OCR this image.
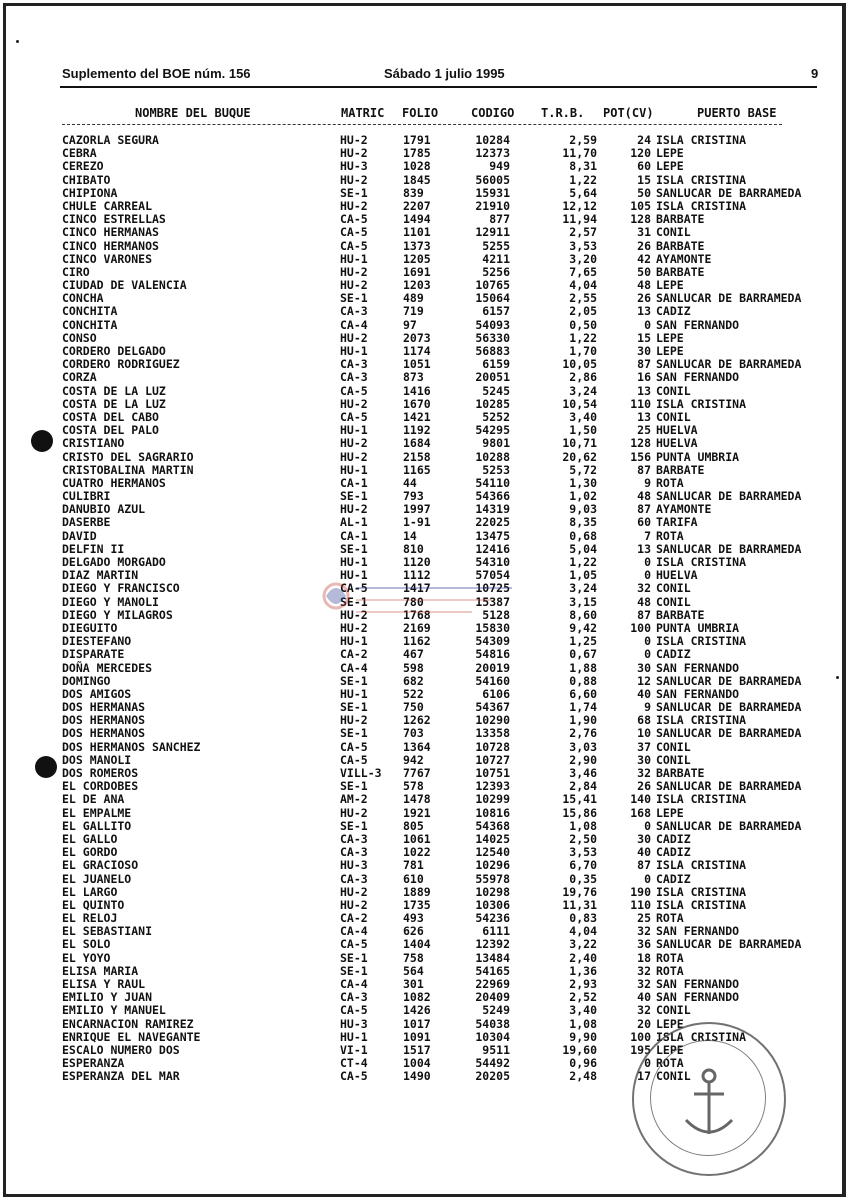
Suplemento del BOE núm. 156	Sábado 1 julio 1995	9
NOMBRE DEL BUQUE	MATRIC FOLIO	CODIGO T.R.B. POT(CV)	PUERTO BASE
CAZORLA SEGURA	HU-2	1791	10284	2,59	24 ISLA CRISTINA
CEBRA	HU-2	1785	12373	11,70	120 LEPE
CEREZO	HU-3	1028	949	8,31	60 LEPE
CHIBATO	HU-2	1845	56005	1,22	15 ISLA CRISTINA
CHIPIONA	SE-1	839	15931	5,64	50 SANLUCAR DE BARRAMEDA
CHULE CARREAL	HU-2	2207	21910	12,12	105 ISLA CRISTINA
CINCO ESTRELLAS	CA-5	1494	877	11,94	128 BARBATE
CINCO HERMANAS	CA-5	1101	12911	2,57	31 CONIL
CINCO HERMANOS	CA-5	1373	5255	3,53	26 BARBATE
CINCO VARONES	HU-1	1205	4211	3,20	42 AYAMONTE
CIRO	HU-2	1691	5256	7,65	50 BARBATE
CIUDAD DE VALENCIA	HU-2	1203	10765	4,04	48 LEPE
CONCHA	SE-1	489	15064	2,55	26 SANLUCAR DE BARRAMEDA
CONCHITA	CA-3	719	6157	2,05	13 CADIZ
CONCHITA	CA-4	97	54093	0,50	0 SAN FERNANDO
CONSO	HU-2	2073	56330	1,22	15 LEPE
CORDERO DELGADO	HU-1	1174	56883	1,70	30 LEPE
CORDERO RODRIGUEZ	CA-3	1051	6159	10,05	87 SANLUCAR DE BARRAMEDA
CORZA	CA-3	873	20051	2,86	16 SAN FERNANDO
COSTA DE LA LUZ	CA-5	1416	5245	3,24	13 CONIL
COSTA DE LA LUZ	HU-2	1670	10285	10,54	110 ISLA CRISTINA
COSTA DEL CABO	CA-5	1421	5252	3,40	13 CONIL
COSTA DEL PALO	HU-1	1192	54295	1,50	25 HUELVA
CRISTIANO	HU-2	1684	9801	10,71	128 HUELVA
CRISTO DEL SAGRARIO	HU-2	2158	10288	20,62	156 PUNTA UMBRIA
CRISTOBALINA MARTIN	HU-1	1165	5253	5,72	87 BARBATE
CUATRO HERMANOS	CA-1	44	54110	1,30	9 ROTA
CULIBRI	SE-1	793	54366	1,02	48 SANLUCAR DE BARRAMEDA
DANUBIO AZUL	HU-2	1997	14319	9,03	87 AYAMONTE
DASERBE	AL-1	1-91	22025	8,35	60 TARIFA
DAVID	CA-1	14	13475	0,68	7 ROTA
DELFIN II	SE-1	810	12416	5,04	13 SANLUCAR DE BARRAMEDA
DELGADO MORGADO	HU-1	1120	54310	1,22	0 ISLA CRISTINA
DIAZ MARTIN	HU-1	1112	57054	1,05	0 HUELVA
DIEGO Y FRANCISCO	CA-5	1417	10725	3,24	32 CONIL
DIEGO Y MANOLI	SE-1	780	15387	3,15	48 CONIL
DIEGO Y MILAGROS	HU-2	1768	5128	8,60	87 BARBATE
DIEGUITO	HU-2	2169	15830	9,42	100 PUNTA UMBRIA
DIESTEFANO	HU-1	1162	54309	1,25	0 ISLA CRISTINA
DISPARATE	CA-2	467	54816	0,67	0 CADIZ
DOÑA MERCEDES	CA-4	598	20019	1,88	30 SAN FERNANDO
DOMINGO	SE-1	682	54160	0,88	12 SANLUCAR DE BARRAMEDA
DOS AMIGOS	HU-1	522	6106	6,60	40 SAN FERNANDO
DOS HERMANAS	SE-1	750	54367	1,74	9 SANLUCAR DE BARRAMEDA
DOS HERMANOS	HU-2	1262	10290	1,90	68 ISLA CRISTINA
DOS HERMANOS	SE-1	703	13358	2,76	10 SANLUCAR DE BARRAMEDA
DOS HERMANOS SANCHEZ	CA-5	1364	10728	3,03	37 CONIL
DOS MANOLI	CA-5	942	10727	2,90	30 CONIL
DOS ROMEROS	VILL-3 7767	10751	3,46	32 BARBATE
EL CORDOBES	SE-1	578	12393	2,84	26 SANLUCAR DE BARRAMEDA
EL DE ANA	AM-2	1478	10299	15,41	140 ISLA CRISTINA
EL EMPALME	HU-2	1921	10816	15,86	168 LEPE
EL GALLITO	SE-1	805	54368	1,08	0 SANLUCAR DE BARRAMEDA
EL GALLO	CA-3	1061	14025	2,50	30 CADIZ
EL GORDO	CA-3	1022	12540	3,53	40 CADIZ
EL GRACIOSO	HU-3	781	10296	6,70	87 ISLA CRISTINA
EL JUANELO	CA-3	610	55978	0,35	0 CADIZ
EL LARGO	HU-2	1889	10298	19,76	190 ISLA CRISTINA
EL QUINTO	HU-2	1735	10306	11,31	110 ISLA CRISTINA
EL RELOJ	CA-2	493	54236	0,83	25 ROTA
EL SEBASTIANI	CA-4	626	6111	4,04	32 SAN FERNANDO
EL SOLO	CA-5	1404	12392	3,22	36 SANLUCAR DE BARRAMEDA
EL YOYO	SE-1	758	13484	2,40	18 ROTA
ELISA MARIA	SE-1	564	54165	1,36	32 ROTA
ELISA Y RAUL	CA-4	301	22969	2,93	32 SAN FERNANDO
EMILIO Y JUAN	CA-3	1082	20409	2,52	40 SAN FERNANDO
EMILIO Y MANUEL	CA-5	1426	5249	3,40	32 CONIL
ENCARNACION RAMIREZ	HU-3	1017	54038	1,08	20 LEPE
ENRIQUE EL NAVEGANTE	HU-1	1091	10304	9,90	100 ISLA CRISTINA
ESCALO NUMERO DOS	VI-1	1517	9511	19,60	195 LEPE
ESPERANZA	CT-4	1004	54492	0,96	0 ROTA
ESPERANZA DEL MAR	CA-5	1490	20205	2,48	17 CONIL
